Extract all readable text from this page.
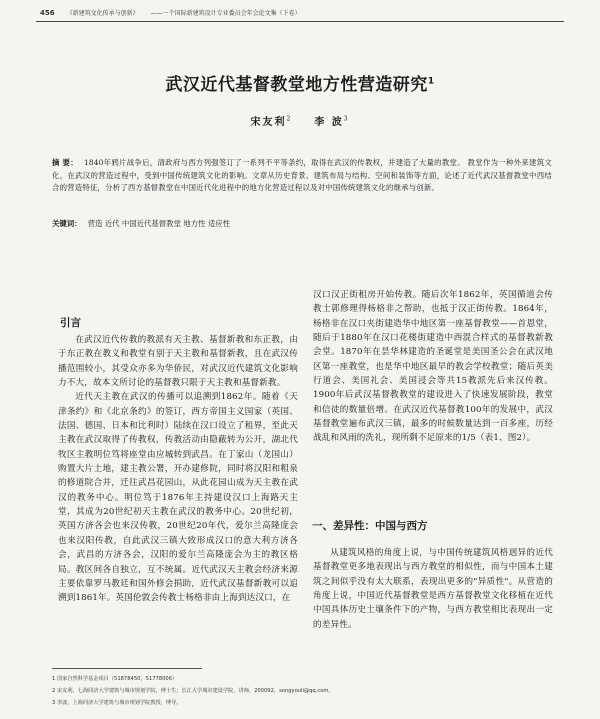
456 《新建筑文化传承与创新》 ——一个国际新建筑设计专业委员会年会论文集（下卷）
武汉近代基督教堂地方性营造研究$^1$
宋友利$^2$ 李 波$^3$
摘 要： 1840年鸦片战争后，清政府与西方列强签订了一系列不平等条约，取得在武汉的传教权，并建造了大量的教堂。 教堂作为一种外来建筑文化，在武汉的营造过程中，受到中国传统建筑文化的影响。文章从历史背景、建筑布局与结构、空间和装饰等方面，论述了近代武汉基督教堂中西结合的营造特征，分析了西方基督教堂在中国近代化进程中的地方化营造过程以及对中国传统建筑文化的继承与创新。
关键词： 营造 近代 中国近代基督教堂 地方性 适应性
引言

在武汉近代传教的教派有天主教、基督新教和东正教，由于东正教在教义和教堂有别于天主教和基督新教，且在武汉传播范围较小，其受众亦多为华侨民，对武汉近代建筑文化影响力不大，故本文所讨论的基督教只限于天主教和基督新教。

近代天主教在武汉的传播可以追溯到1862年。随着《天津条约》和《北京条约》的签订，西方帝国主义国家（英国、法国、德国、日本和比利时）陆续在汉口设立了租界，至此天主教在武汉取得了传教权，传教活动由隐蔽转为公开，湖北代牧区主教明位笃将座堂由应城转到武昌。在丁家山（龙国山）购置大片土地，建主教公署，开办建修院，同时将汉阳和粗泉的修道院合并，迁往武昌花园山，从此花园山成为天主教在武汉的教务中心。明位笃于1876年主持建设汉口上海路天主堂，其成为20世纪初天主教在武汉的教务中心。20世纪初，英国方济各会也来汉传教，20世纪20年代，爱尔兰高隆庞会也来汉阳传教，自此武汉三镇大致形成汉口的意大利方济各会，武昌的方济各会，汉阳的爱尔兰高隆庞会为主的教区格局。教区间各自独立，互不统属。近代武汉天主教会经济来源主要依靠罗马教廷和国外修会捐助，近代武汉基督新教可以追溯到1861年。英国伦敦会传教士杨格非由上海到达汉口，在

汉口汉正街租房开始传教。随后次年1862年，英国循道会传教士郭修理得杨格非之帮助，也抵于汉正街传教。1864年，杨格非在汉口夹街建造华中地区第一座基督教堂——首恩堂，随后于1880年在汉口花楼街建造中西混合样式的基督教新教会堂。1870年在昙华林建造的圣诞堂是美国圣公会在武汉地区第一座教堂，也是华中地区最早的教会学校教堂；随后英美行道会、美国礼会、美国浸会等共15教派先后来汉传教。1900年后武汉基督教教堂的建设进入了快速发展阶段，教堂和信徒的数量倍增。在武汉近代基督教100年的发展中，武汉基督教堂遍布武汉三镇，最多的时候数量达到一百多座，历经战乱和风雨的洗礼，现所剩不足原来的1/5（表1、图2）。

一、差异性：中国与西方

从建筑风格的角度上说，与中国传统建筑风格迥异的近代基督教堂更多地表现出与西方教堂的相似性，而与中国本土建筑之间似乎没有太大联系，表现出更多的"异质性"。从营造的角度上说，中国近代基督教堂是西方基督教堂文化移植在近代中国具体历史土壤条件下的产物，与西方教堂相比表现出一定的差异性。

1 国家自然科学基金项目（51878450，51778006）
2 宋友利，七海同济大学建筑与城市规划学院，博士生；长江大学城市建设学院，讲师，200092，songyouli@qq.com。
3 李波，上海同济大学建筑与城市规划学院教授，博导。
